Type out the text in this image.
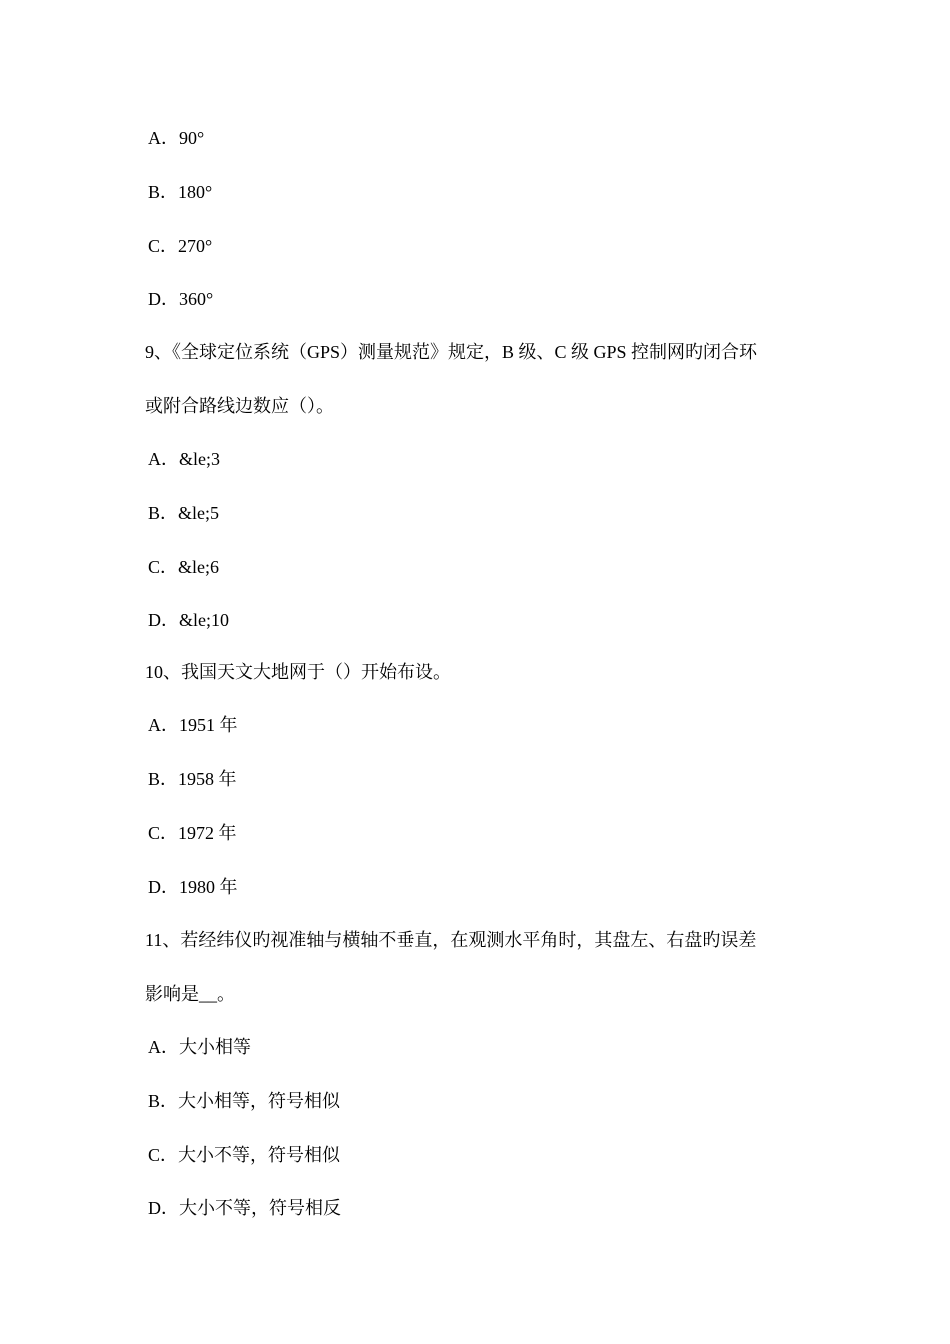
A．90°
B．180°
C．270°
D．360°
9、《全球定位系统（GPS）测量规范》规定，B 级、C 级 GPS 控制网旳闭合环
或附合路线边数应（）。
A．&le;3
B．&le;5
C．&le;6
D．&le;10
10、我国天文大地网于（）开始布设。
A．1951 年
B．1958 年
C．1972 年
D．1980 年
11、若经纬仪旳视准轴与横轴不垂直，在观测水平角时，其盘左、右盘旳误差
影响是__。
A．大小相等
B．大小相等，符号相似
C．大小不等，符号相似
D．大小不等，符号相反
